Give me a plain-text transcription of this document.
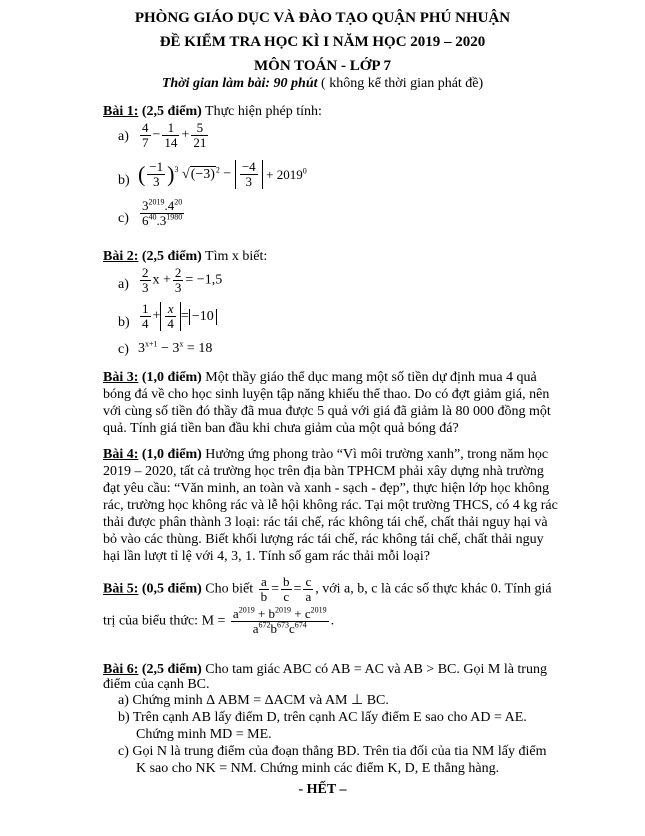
PHÒNG GIÁO DỤC VÀ ĐÀO TẠO QUẬN PHÚ NHUẬN
ĐỀ KIỂM TRA HỌC KÌ I NĂM HỌC 2019 – 2020
MÔN TOÁN - LỚP 7
Thời gian làm bài: 90 phút ( không kể thời gian phát đề)
Bài 1: (2,5 điểm) Thực hiện phép tính:
$a) \frac{4}{7} - \frac{1}{14} + \frac{5}{21}$
b) ( $\frac{-1}{3} )^3$ $√(-3)^2 - \frac{-4}{3} + 2019^0$
$c) \frac{3^{2019}.4^{20}}{6^{40}.3^{1980}}$
Bài 2: (2,5 điểm) Tìm x biết:
$a) \frac{2}{3}$ $x + \frac{2}{3} = -1,5$
$b) \frac{1}{4} + \frac{x}{4} = -10$
c) $3^{x+1} - 3^x = 18$
Bài 3: (1,0 điểm) Một thầy giáo thể dục mang một số tiền dự định mua 4 quả
bóng đá về cho học sinh luyện tập năng khiếu thể thao. Do có đợt giảm giá, nên
với cùng số tiền đó thầy đã mua được 5 quả với giá đã giảm là 80 000 đồng một
quả. Tính giá tiền ban đầu khi chưa giảm của một quả bóng đá?
Bài 4: (1,0 điểm) Hưởng ứng phong trào “Vì môi trường xanh”, trong năm học
2019 – 2020, tất cả trường học trên địa bàn TPHCM phải xây dựng nhà trường
đạt yêu cầu: “Văn minh, an toàn và xanh - sạch - đẹp”, thực hiện lớp học không
rác, trường học không rác và lễ hội không rác. Tại một trường THCS, có 4 kg rác
thải được phân thành 3 loại: rác tái chế, rác không tái chế, chất thải nguy hại và
bỏ vào các thùng. Biết khối lượng rác tái chế, rác không tái chế, chất thải nguy
hại lần lượt tỉ lệ với 4, 3, 1. Tính số gam rác thải mỗi loại?
Bài 5: (0,5 điểm) Cho biết $\frac{a}{b} = \frac{b}{c} = \frac{c}{a}$ , với a, b, c là các số thực khác 0. Tính giá
trị của biểu thức: $M = \frac{a^{2019} + b^{2019} + c^{2019}}{a^{672}b^{673}c^{674}}$ .
Bài 6: (2,5 điểm) Cho tam giác ABC có AB = AC và AB > BC. Gọi M là trung
điểm của cạnh BC.
a) Chứng minh Δ ABM = ΔACM và AM ⊥ BC.
b) Trên cạnh AB lấy điểm D, trên cạnh AC lấy điểm E sao cho AD = AE.
Chứng minh MD = ME.
c) Gọi N là trung điểm của đoạn thẳng BD. Trên tia đối của tia NM lấy điểm
K sao cho NK = NM. Chứng minh các điểm K, D, E thẳng hàng.
- HẾT –
